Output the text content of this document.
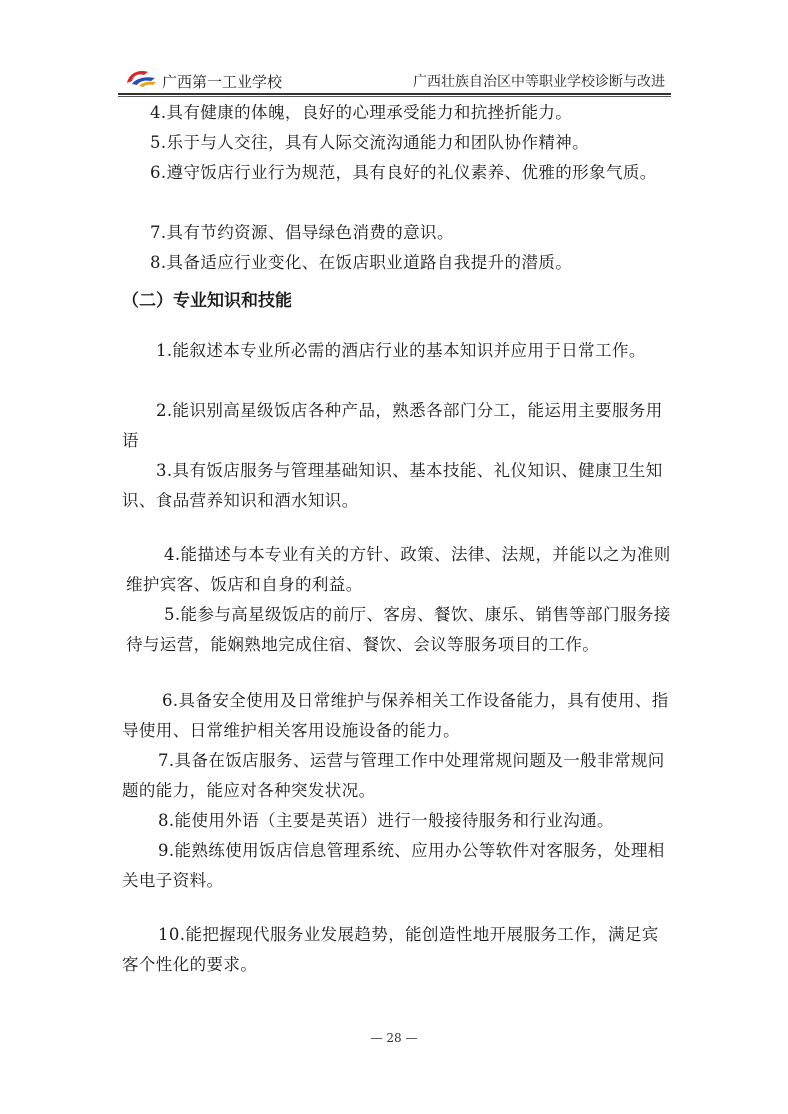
广西第一工业学校	广西壮族自治区中等职业学校诊断与改进
4.具有健康的体魄，良好的心理承受能力和抗挫折能力。
5.乐于与人交往，具有人际交流沟通能力和团队协作精神。
6.遵守饭店行业行为规范，具有良好的礼仪素养、优雅的形象气质。
7.具有节约资源、倡导绿色消费的意识。
8.具备适应行业变化、在饭店职业道路自我提升的潜质。
（二）专业知识和技能
1.能叙述本专业所必需的酒店行业的基本知识并应用于日常工作。
2.能识别高星级饭店各种产品，熟悉各部门分工，能运用主要服务用语
3.具有饭店服务与管理基础知识、基本技能、礼仪知识、健康卫生知识、食品营养知识和酒水知识。
4.能描述与本专业有关的方针、政策、法律、法规，并能以之为准则维护宾客、饭店和自身的利益。
5.能参与高星级饭店的前厅、客房、餐饮、康乐、销售等部门服务接待与运营，能娴熟地完成住宿、餐饮、会议等服务项目的工作。
6.具备安全使用及日常维护与保养相关工作设备能力，具有使用、指导使用、日常维护相关客用设施设备的能力。
7.具备在饭店服务、运营与管理工作中处理常规问题及一般非常规问题的能力，能应对各种突发状况。
8.能使用外语（主要是英语）进行一般接待服务和行业沟通。
9.能熟练使用饭店信息管理系统、应用办公等软件对客服务，处理相关电子资料。
10.能把握现代服务业发展趋势，能创造性地开展服务工作，满足宾客个性化的要求。
— 28 —
